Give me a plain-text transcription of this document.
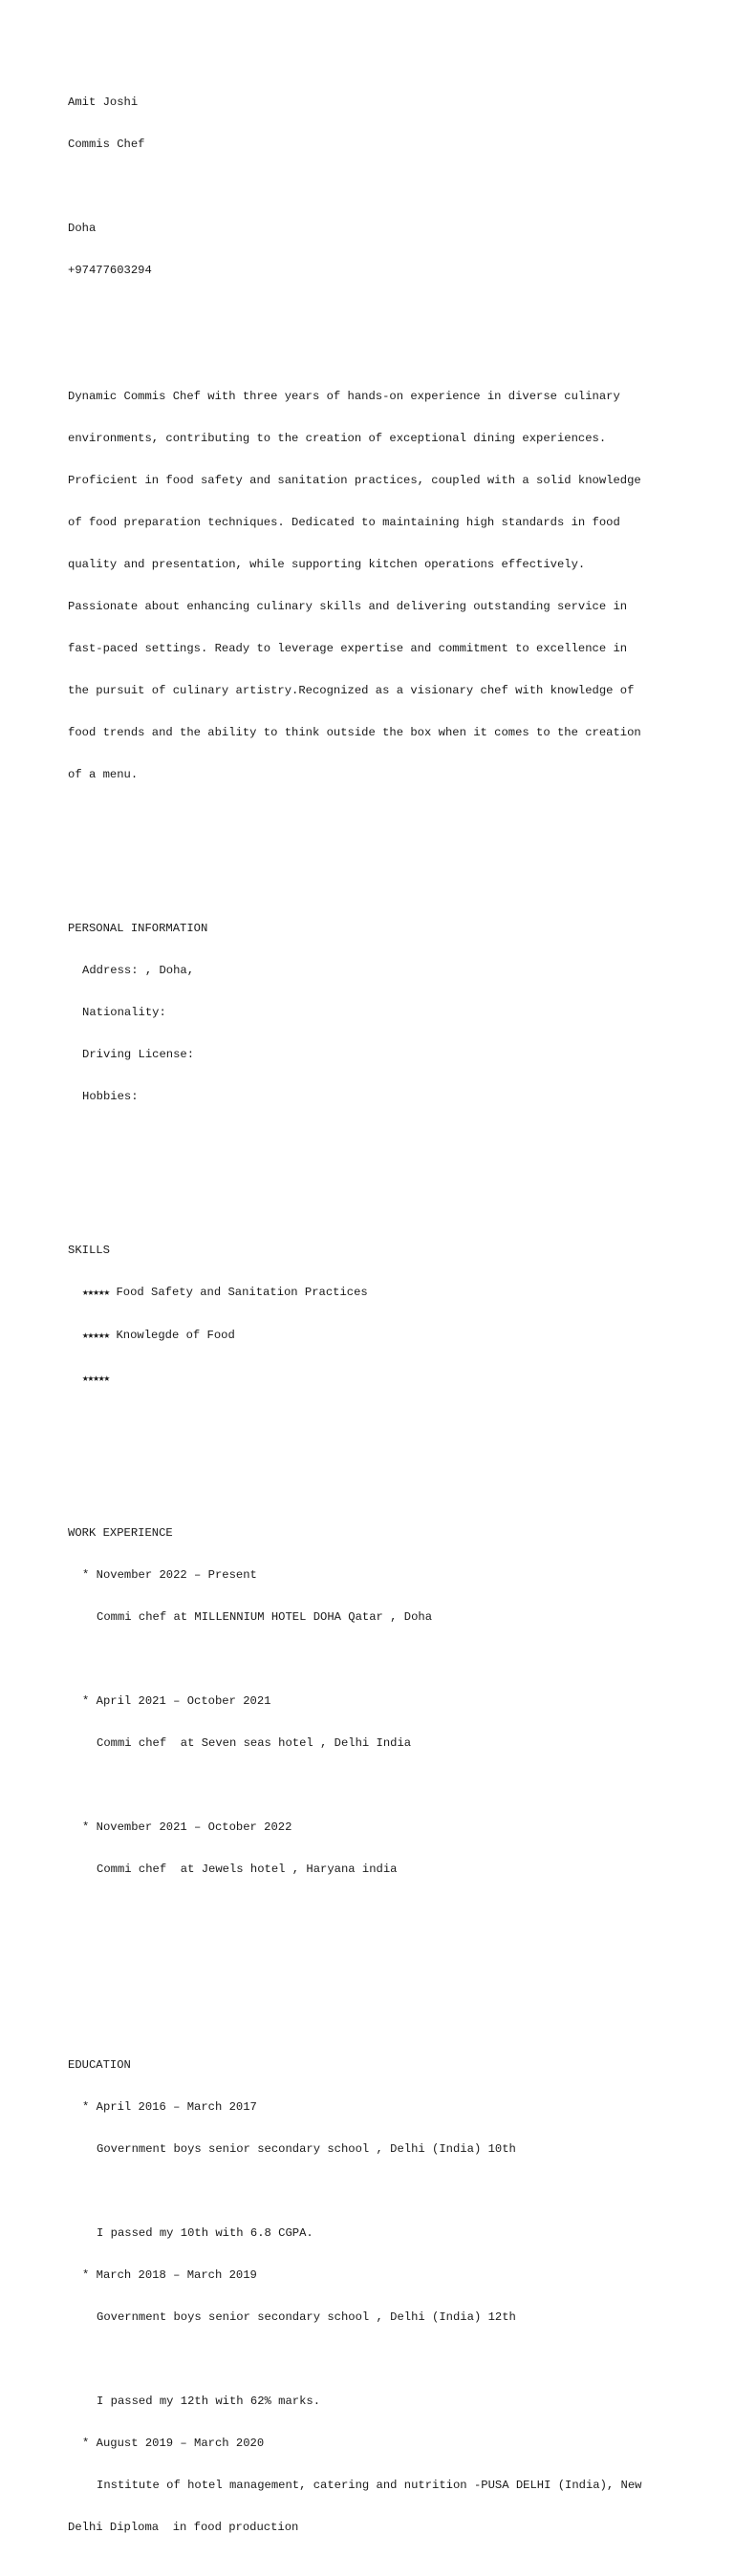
Amit Joshi

Commis Chef

Doha

+97477603294

Dynamic Commis Chef with three years of hands-on experience in diverse culinary

environments, contributing to the creation of exceptional dining experiences.

Proficient in food safety and sanitation practices, coupled with a solid knowledge

of food preparation techniques. Dedicated to maintaining high standards in food

quality and presentation, while supporting kitchen operations effectively.

Passionate about enhancing culinary skills and delivering outstanding service in

fast-paced settings. Ready to leverage expertise and commitment to excellence in

the pursuit of culinary artistry.Recognized as a visionary chef with knowledge of

food trends and the ability to think outside the box when it comes to the creation

of a menu.

PERSONAL INFORMATION

Address: , Doha,

Nationality:

Driving License:

Hobbies:

SKILLS

★★★★★ Food Safety and Sanitation Practices

★★★★★ Knowlegde of Food

★★★★★

WORK EXPERIENCE

* November 2022 – Present

Commi chef at MILLENNIUM HOTEL DOHA Qatar , Doha

* April 2021 – October 2021

Commi chef  at Seven seas hotel , Delhi India

* November 2021 – October 2022

Commi chef  at Jewels hotel , Haryana india

EDUCATION

* April 2016 – March 2017

Government boys senior secondary school , Delhi (India) 10th

I passed my 10th with 6.8 CGPA.

* March 2018 – March 2019

Government boys senior secondary school , Delhi (India) 12th

I passed my 12th with 62% marks.

* August 2019 – March 2020

Institute of hotel management, catering and nutrition -PUSA DELHI (India), New

Delhi Diploma  in food production
